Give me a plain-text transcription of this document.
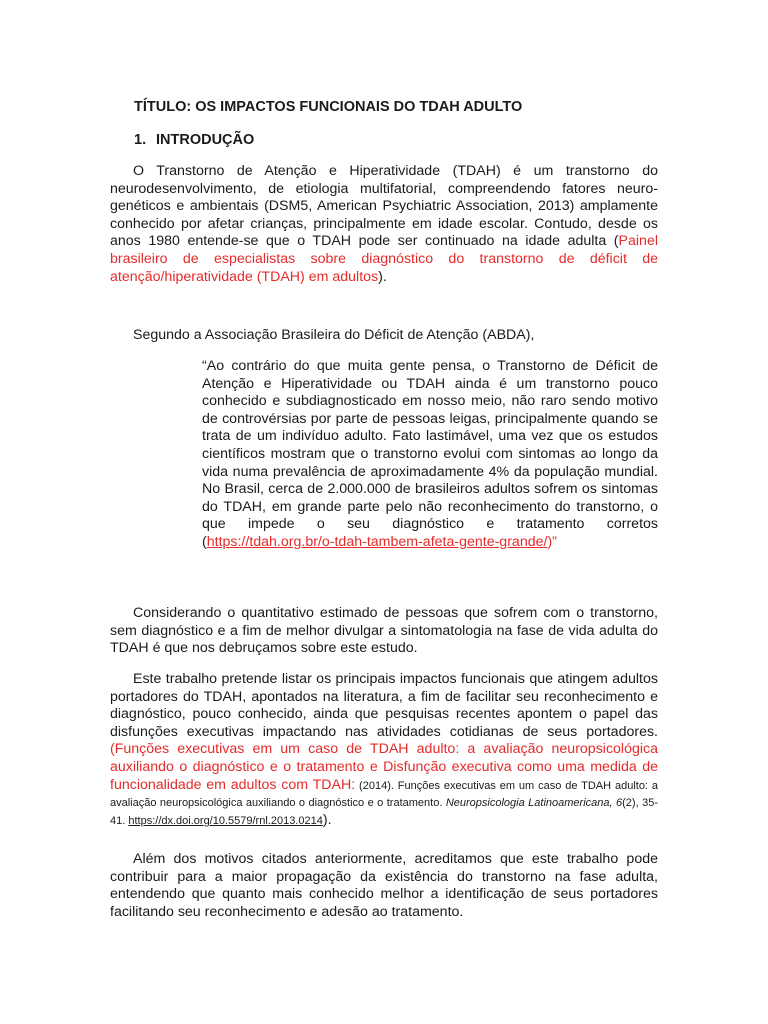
TÍTULO: OS IMPACTOS FUNCIONAIS DO TDAH ADULTO
1. INTRODUÇÃO

O Transtorno de Atenção e Hiperatividade (TDAH) é um transtorno do neurodesenvolvimento, de etiologia multifatorial, compreendendo fatores neuro-genéticos e ambientais (DSM5, American Psychiatric Association, 2013) amplamente conhecido por afetar crianças, principalmente em idade escolar. Contudo, desde os anos 1980 entende-se que o TDAH pode ser continuado na idade adulta (Painel brasileiro de especialistas sobre diagnóstico do transtorno de déficit de atenção/hiperatividade (TDAH) em adultos).

Segundo a Associação Brasileira do Déficit de Atenção (ABDA),

“Ao contrário do que muita gente pensa, o Transtorno de Déficit de Atenção e Hiperatividade ou TDAH ainda é um transtorno pouco conhecido e subdiagnosticado em nosso meio, não raro sendo motivo de controvérsias por parte de pessoas leigas, principalmente quando se trata de um indivíduo adulto. Fato lastimável, uma vez que os estudos científicos mostram que o transtorno evolui com sintomas ao longo da vida numa prevalência de aproximadamente 4% da população mundial. No Brasil, cerca de 2.000.000 de brasileiros adultos sofrem os sintomas do TDAH, em grande parte pelo não reconhecimento do transtorno, o que impede o seu diagnóstico e tratamento corretos (https://tdah.org.br/o-tdah-tambem-afeta-gente-grande/)”

Considerando o quantitativo estimado de pessoas que sofrem com o transtorno, sem diagnóstico e a fim de melhor divulgar a sintomatologia na fase de vida adulta do TDAH é que nos debruçamos sobre este estudo.

Este trabalho pretende listar os principais impactos funcionais que atingem adultos portadores do TDAH, apontados na literatura, a fim de facilitar seu reconhecimento e diagnóstico, pouco conhecido, ainda que pesquisas recentes apontem o papel das disfunções executivas impactando nas atividades cotidianas de seus portadores. (Funções executivas em um caso de TDAH adulto: a avaliação neuropsicológica auxiliando o diagnóstico e o tratamento e Disfunção executiva como uma medida de funcionalidade em adultos com TDAH: (2014). Funções executivas em um caso de TDAH adulto: a avaliação neuropsicológica auxiliando o diagnóstico e o tratamento. Neuropsicologia Latinoamericana, 6(2), 35-41. https://dx.doi.org/10.5579/rnl.2013.0214).

Além dos motivos citados anteriormente, acreditamos que este trabalho pode contribuir para a maior propagação da existência do transtorno na fase adulta, entendendo que quanto mais conhecido melhor a identificação de seus portadores facilitando seu reconhecimento e adesão ao tratamento.
